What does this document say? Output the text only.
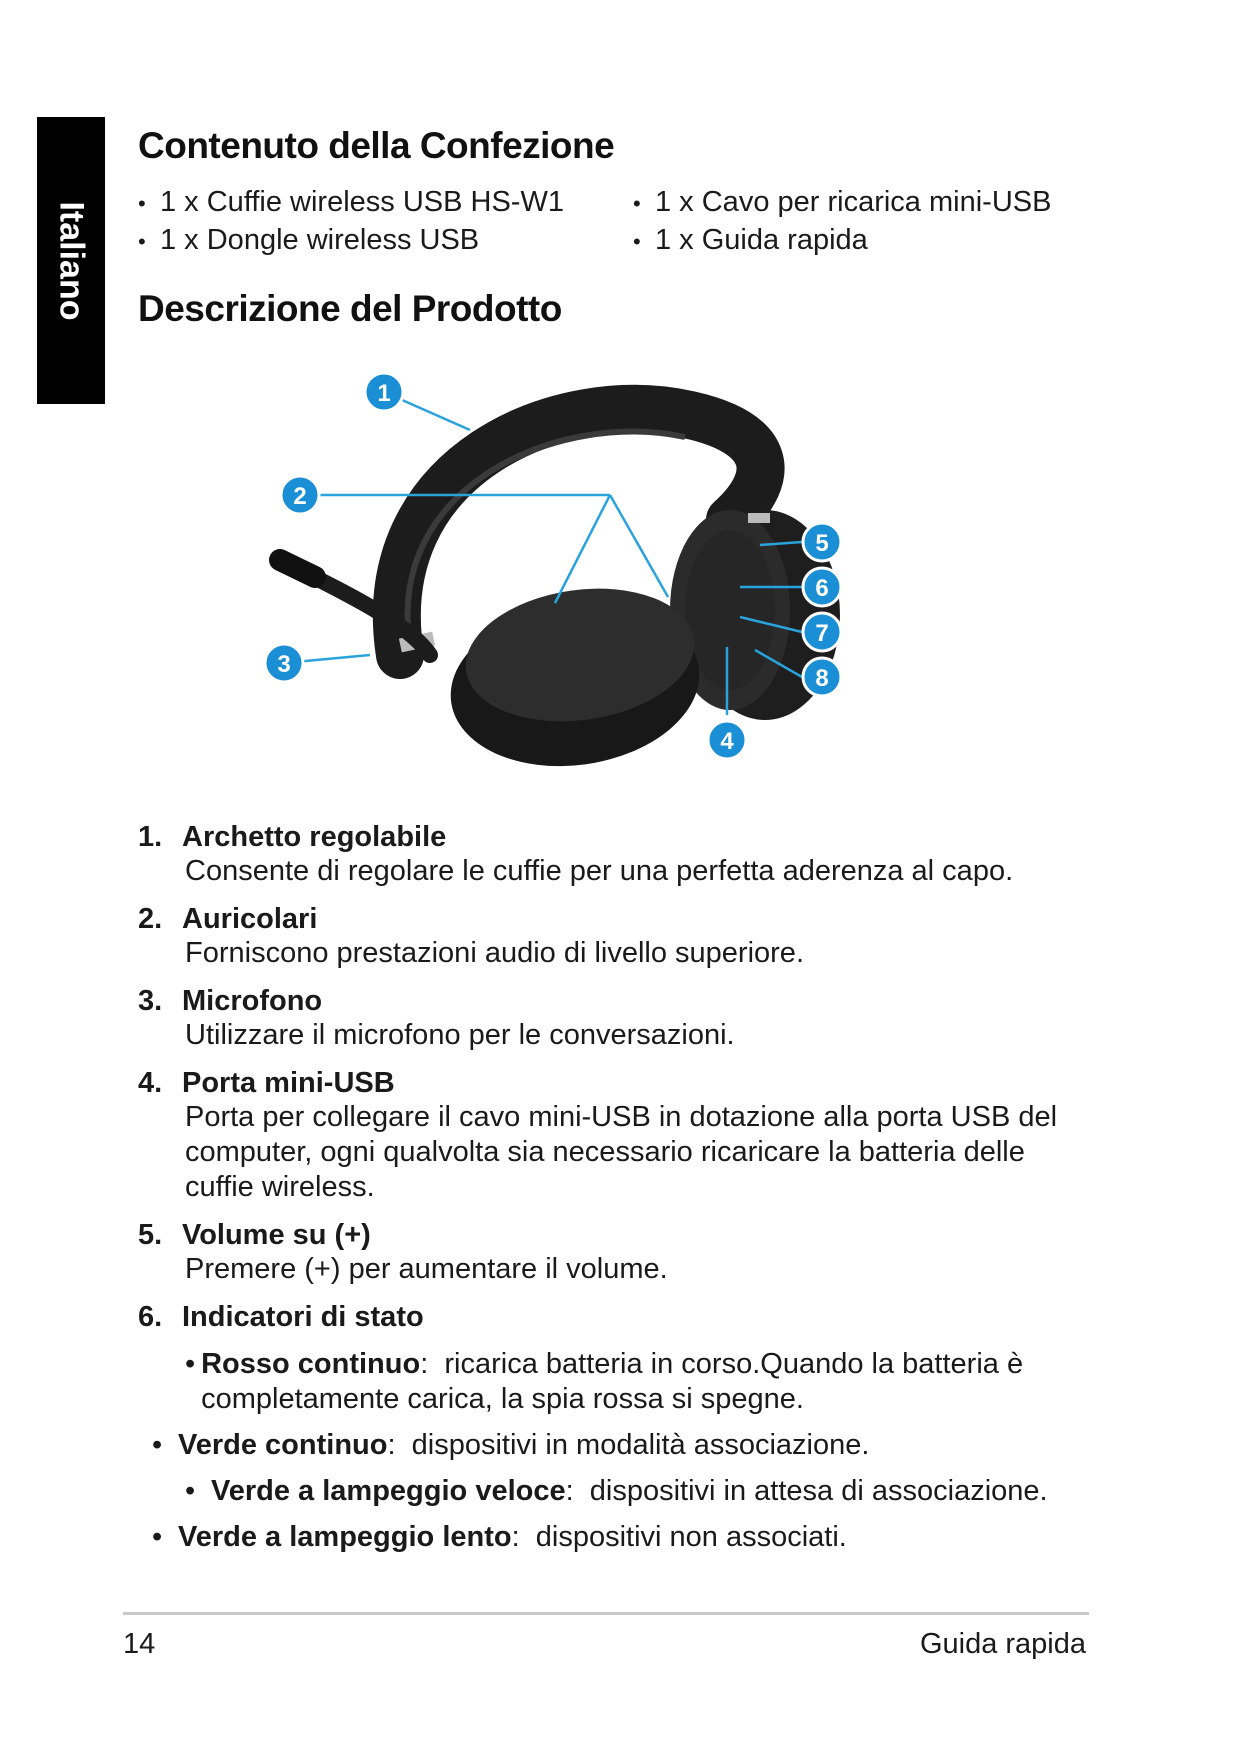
Italiano
Contenuto della Confezione
• 1 x Cuffie wireless USB HS-W1	• 1 x Cavo per ricarica mini-USB
• 1 x Dongle wireless USB	• 1 x Guida rapida
Descrizione del Prodotto
1
2
3
4
5
6
7
8
1. Archetto regolabile
Consente di regolare le cuffie per una perfetta aderenza al capo.
2. Auricolari
Forniscono prestazioni audio di livello superiore.
3. Microfono
Utilizzare il microfono per le conversazioni.
4. Porta mini-USB
Porta per collegare il cavo mini-USB in dotazione alla porta USB del computer, ogni qualvolta sia necessario ricaricare la batteria delle cuffie wireless.
5. Volume su (+)
Premere (+) per aumentare il volume.
6. Indicatori di stato
• Rosso continuo:  ricarica batteria in corso.Quando la batteria è completamente carica, la spia rossa si spegne.
• Verde continuo:  dispositivi in modalità associazione.
• Verde a lampeggio veloce:  dispositivi in attesa di associazione.
• Verde a lampeggio lento:  dispositivi non associati.
14	Guida rapida
